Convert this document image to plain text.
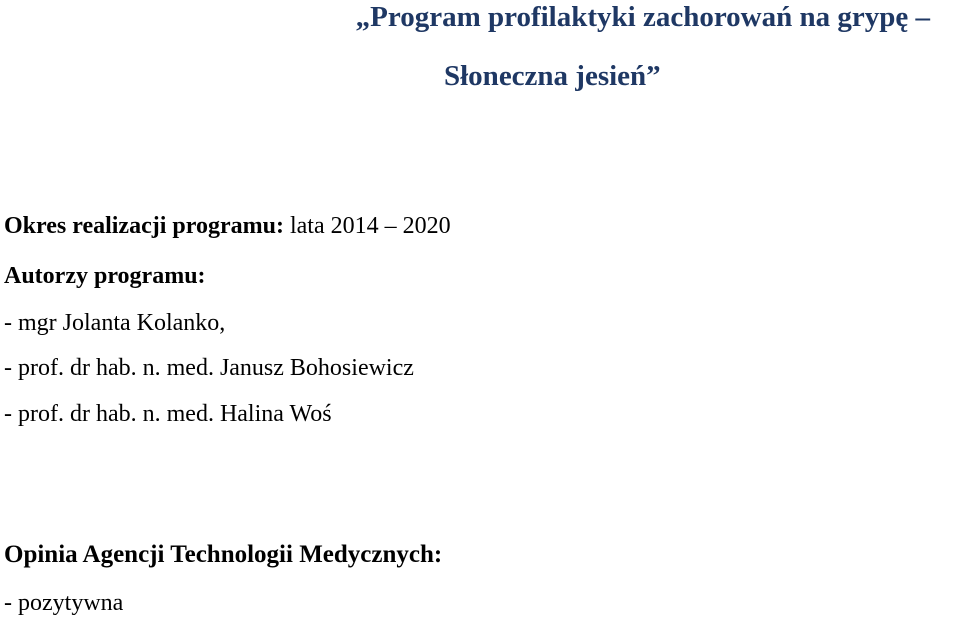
„Program profilaktyki zachorowań na grypę –
Słoneczna jesień”
Okres realizacji programu: lata 2014 – 2020
Autorzy programu:
- mgr Jolanta Kolanko,
- prof. dr hab. n. med. Janusz Bohosiewicz
- prof. dr hab. n. med. Halina Woś
Opinia Agencji Technologii Medycznych:
- pozytywna
